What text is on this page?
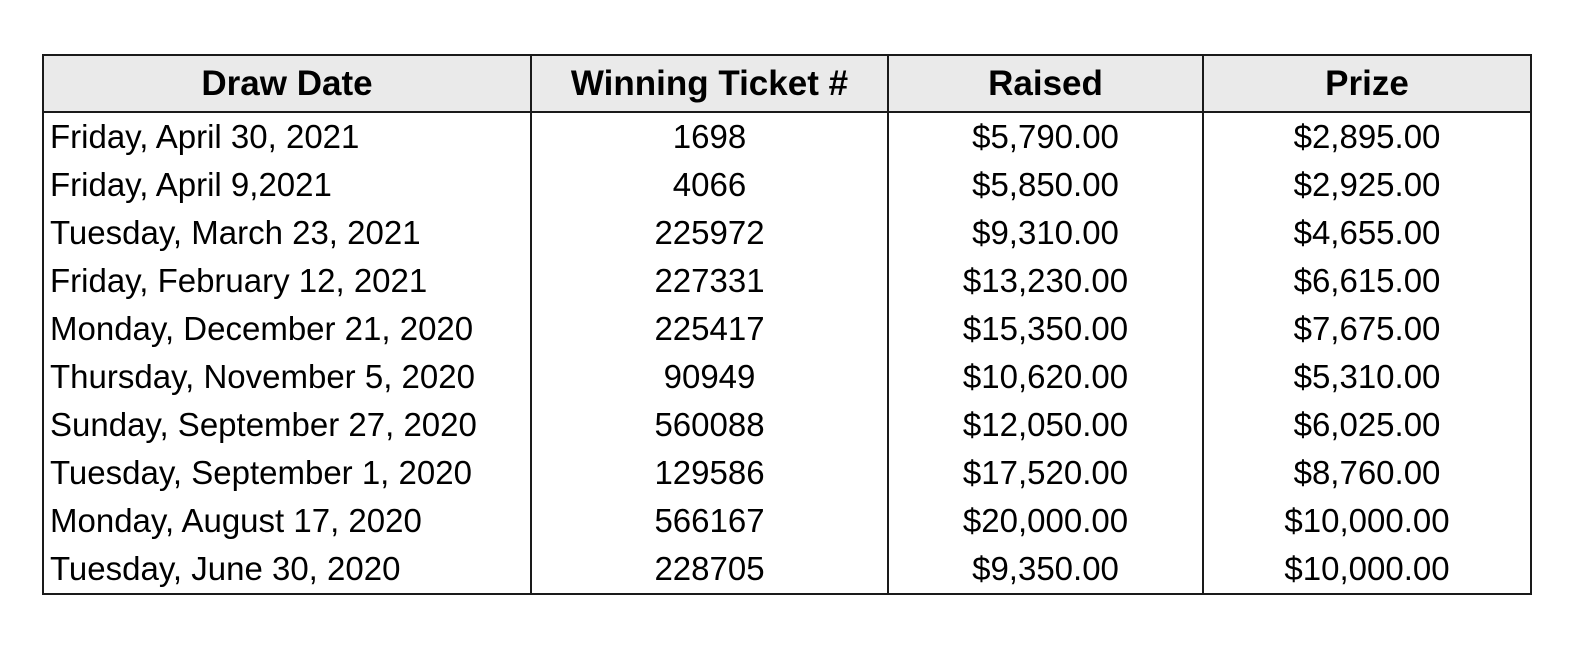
Draw Date	Winning Ticket #	Raised	Prize
Friday, April 30, 2021	1698	$5,790.00	$2,895.00
Friday, April 9,2021	4066	$5,850.00	$2,925.00
Tuesday, March 23, 2021	225972	$9,310.00	$4,655.00
Friday, February 12, 2021	227331	$13,230.00	$6,615.00
Monday, December 21, 2020	225417	$15,350.00	$7,675.00
Thursday, November 5, 2020	90949	$10,620.00	$5,310.00
Sunday, September 27, 2020	560088	$12,050.00	$6,025.00
Tuesday, September 1, 2020	129586	$17,520.00	$8,760.00
Monday, August 17, 2020	566167	$20,000.00	$10,000.00
Tuesday, June 30, 2020	228705	$9,350.00	$10,000.00
